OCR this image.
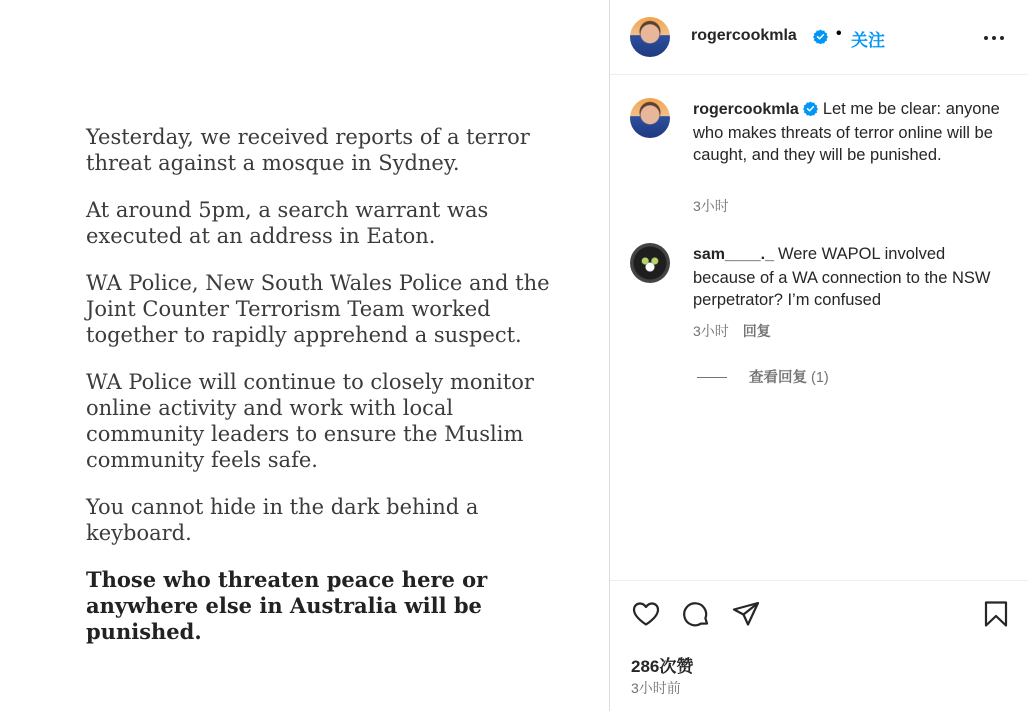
Yesterday, we received reports of a terror threat against a mosque in Sydney.

At around 5pm, a search warrant was executed at an address in Eaton.

WA Police, New South Wales Police and the Joint Counter Terrorism Team worked together to rapidly apprehend a suspect.

WA Police will continue to closely monitor online activity and work with local community leaders to ensure the Muslim community feels safe.

You cannot hide in the dark behind a keyboard.

Those who threaten peace here or anywhere else in Australia will be punished.

rogercookmla • 关注
rogercookmla Let me be clear: anyone who makes threats of terror online will be caught, and they will be punished.
3小时
sam____._ Were WAPOL involved because of a WA connection to the NSW perpetrator? I’m confused
3小时 回复
查看回复 (1)
286次赞
3小时前
